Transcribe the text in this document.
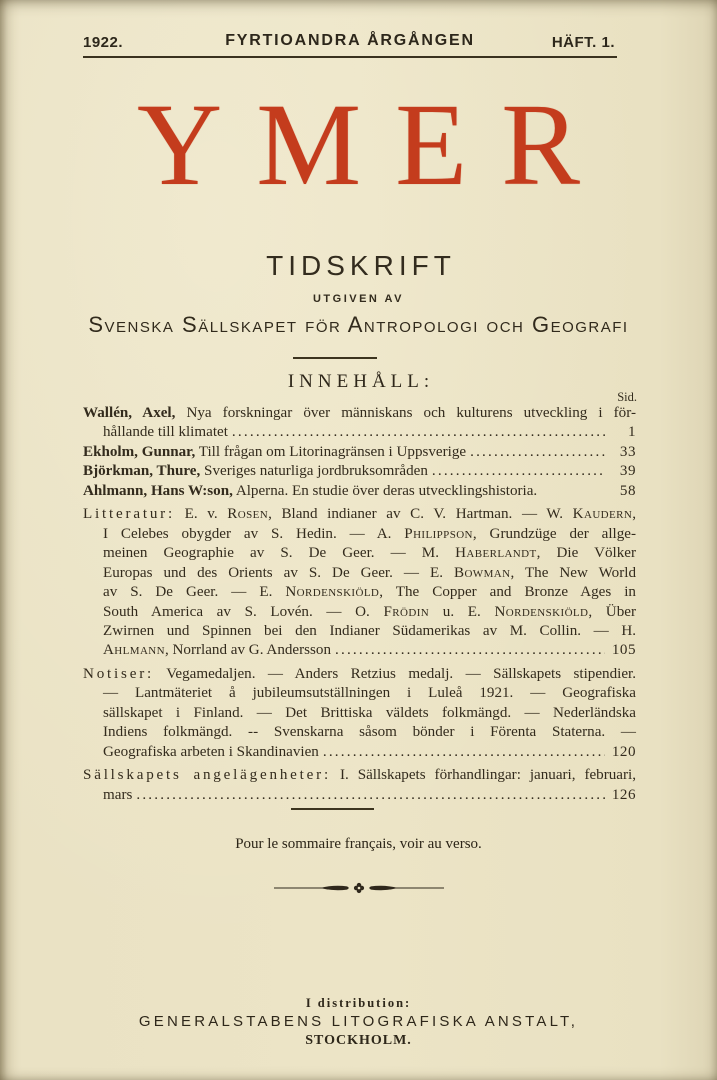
1922.	FYRTIOANDRA ÅRGÅNGEN	HÄFT. 1.
YMER
TIDSKRIFT
UTGIVEN AV
Svenska Sällskapet för Antropologi och Geografi
INNEHÅLL:
Sid.
Wallén, Axel, Nya forskningar över människans och kulturens utveckling i för-
hållande till klimatet .....	1
Ekholm, Gunnar, Till frågan om Litorinagränsen i Uppsverige .....	33
Björkman, Thure, Sveriges naturliga jordbruksområden .....	39
Ahlmann, Hans W:son, Alperna. En studie över deras utvecklingshistoria.	58
Litteratur: E. v. Rosen, Bland indianer av C. V. Hartman. — W. Kaudern,
I Celebes obygder av S. Hedin. — A. Philippson, Grundzüge der allge-
meinen Geographie av S. De Geer. — M. Haberlandt, Die Völker
Europas und des Orients av S. De Geer. — E. Bowman, The New World
av S. De Geer. — E. Nordenskiöld, The Copper and Bronze Ages in
South America av S. Lovén. — O. Frödin u. E. Nordenskiöld, Über
Zwirnen und Spinnen bei den Indianer Südamerikas av M. Collin. — H.
Ahlmann, Norrland av G. Andersson .....	105
Notiser: Vegamedaljen. — Anders Retzius medalj. — Sällskapets stipendier.
— Lantmäteriet å jubileumsutställningen i Luleå 1921. — Geografiska
sällskapet i Finland. — Det Brittiska väldets folkmängd. — Nederländska
Indiens folkmängd. -- Svenskarna såsom bönder i Förenta Staterna. —
Geografiska arbeten i Skandinavien .....	120
Sällskapets angelägenheter: I. Sällskapets förhandlingar: januari, februari,
mars .....	126
Pour le sommaire français, voir au verso.
I distribution:
GENERALSTABENS LITOGRAFISKA ANSTALT,
STOCKHOLM.
